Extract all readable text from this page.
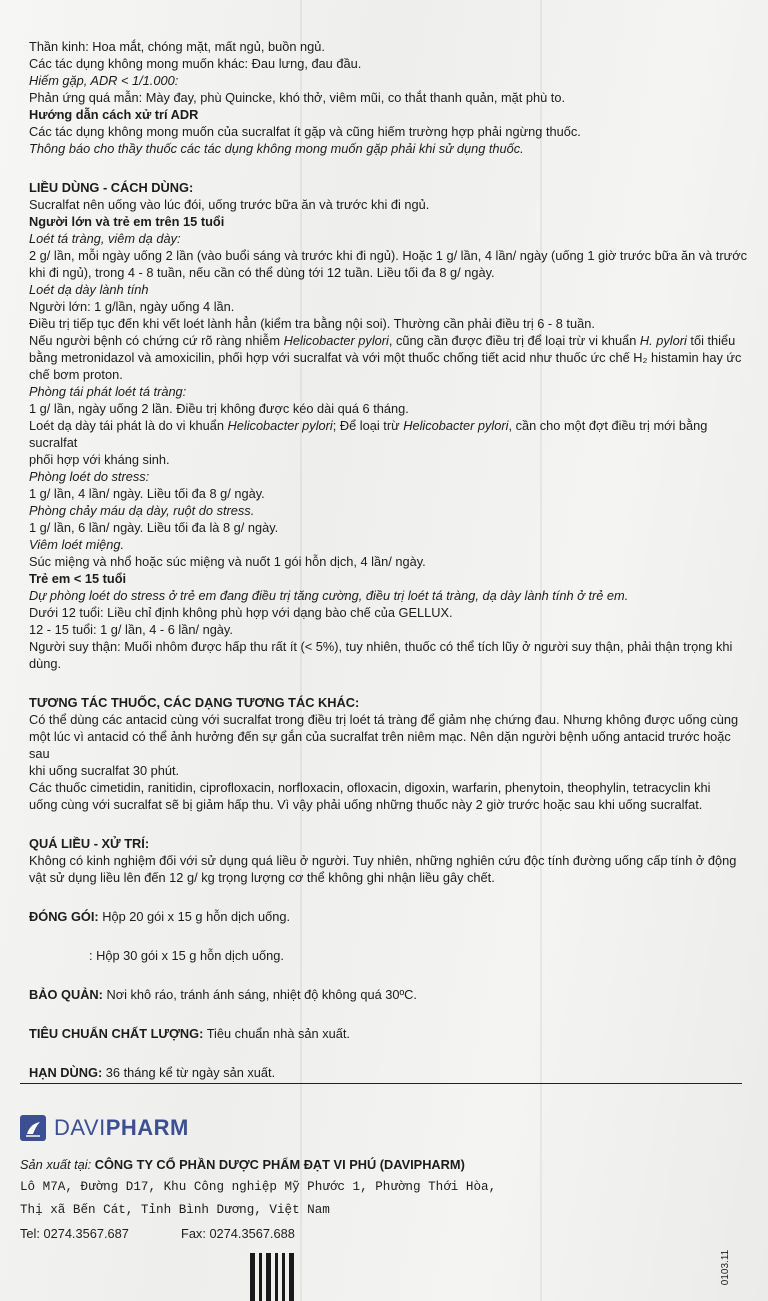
Thần kinh: Hoa mắt, chóng mặt, mất ngủ, buồn ngủ.

Các tác dụng không mong muốn khác: Đau lưng, đau đầu.

Hiếm gặp, ADR < 1/1.000:

Phản ứng quá mẫn: Mày đay, phù Quincke, khó thở, viêm mũi, co thắt thanh quản, mặt phù to.

Hướng dẫn cách xử trí ADR

Các tác dụng không mong muốn của sucralfat ít gặp và cũng hiếm trường hợp phải ngừng thuốc.

Thông báo cho thầy thuốc các tác dụng không mong muốn gặp phải khi sử dụng thuốc.

LIỀU DÙNG - CÁCH DÙNG:

Sucralfat nên uống vào lúc đói, uống trước bữa ăn và trước khi đi ngủ.

Người lớn và trẻ em trên 15 tuổi

Loét tá tràng, viêm dạ dày:

2 g/ lần, mỗi ngày uống 2 lần (vào buổi sáng và trước khi đi ngủ). Hoặc 1 g/ lần, 4 lần/ ngày (uống 1 giờ trước bữa ăn và trước

khi đi ngủ), trong 4 - 8 tuần, nếu cần có thể dùng tới 12 tuần. Liều tối đa 8 g/ ngày.

Loét dạ dày lành tính

Người lớn: 1 g/lần, ngày uống 4 lần.

Điều trị tiếp tục đến khi vết loét lành hẳn (kiểm tra bằng nội soi). Thường cần phải điều trị 6 - 8 tuần.

Nếu người bệnh có chứng cứ rõ ràng nhiễm Helicobacter pylori, cũng cần được điều trị để loại trừ vi khuẩn H. pylori tối thiểu

bằng metronidazol và amoxicilin, phối hợp với sucralfat và với một thuốc chống tiết acid như thuốc ức chế H₂ histamin hay ức

chế bơm proton.

Phòng tái phát loét tá tràng:

1 g/ lần, ngày uống 2 lần. Điều trị không được kéo dài quá 6 tháng.

Loét dạ dày tái phát là do vi khuẩn Helicobacter pylori; Để loại trừ Helicobacter pylori, cần cho một đợt điều trị mới bằng sucralfat

phối hợp với kháng sinh.

Phòng loét do stress:

1 g/ lần, 4 lần/ ngày. Liều tối đa 8 g/ ngày.

Phòng chảy máu dạ dày, ruột do stress.

1 g/ lần, 6 lần/ ngày. Liều tối đa là 8 g/ ngày.

Viêm loét miệng.

Súc miệng và nhổ hoặc súc miệng và nuốt 1 gói hỗn dịch, 4 lần/ ngày.

Trẻ em < 15 tuổi

Dự phòng loét do stress ở trẻ em đang điều trị tăng cường, điều trị loét tá tràng, dạ dày lành tính ở trẻ em.

Dưới 12 tuổi: Liều chỉ định không phù hợp với dạng bào chế của GELLUX.

12 - 15 tuổi: 1 g/ lần, 4 - 6 lần/ ngày.

Người suy thận: Muối nhôm được hấp thu rất ít (< 5%), tuy nhiên, thuốc có thể tích lũy ở người suy thận, phải thận trọng khi

dùng.

TƯƠNG TÁC THUỐC, CÁC DẠNG TƯƠNG TÁC KHÁC:

Có thể dùng các antacid cùng với sucralfat trong điều trị loét tá tràng để giảm nhẹ chứng đau. Nhưng không được uống cùng

một lúc vì antacid có thể ảnh hưởng đến sự gắn của sucralfat trên niêm mạc. Nên dặn người bệnh uống antacid trước hoặc sau

khi uống sucralfat 30 phút.

Các thuốc cimetidin, ranitidin, ciprofloxacin, norfloxacin, ofloxacin, digoxin, warfarin, phenytoin, theophylin, tetracyclin khi

uống cùng với sucralfat sẽ bị giảm hấp thu. Vì vậy phải uống những thuốc này 2 giờ trước hoặc sau khi uống sucralfat.

QUÁ LIỀU - XỬ TRÍ:

Không có kinh nghiệm đối với sử dụng quá liều ở người. Tuy nhiên, những nghiên cứu độc tính đường uống cấp tính ở động

vật sử dụng liều lên đến 12 g/ kg trọng lượng cơ thể không ghi nhận liều gây chết.

ĐÓNG GÓI: Hộp 20 gói x 15 g hỗn dịch uống.

: Hộp 30 gói x 15 g hỗn dịch uống.

BẢO QUẢN: Nơi khô ráo, tránh ánh sáng, nhiệt độ không quá 30ºC.

TIÊU CHUẨN CHẤT LƯỢNG: Tiêu chuẩn nhà sản xuất.

HẠN DÙNG: 36 tháng kể từ ngày sản xuất.

DAVIPHARM

Sản xuất tại: CÔNG TY CỔ PHẦN DƯỢC PHẨM ĐẠT VI PHÚ (DAVIPHARM)

Lô M7A, Đường D17, Khu Công nghiệp Mỹ Phước 1, Phường Thới Hòa,

Thị xã Bến Cát, Tỉnh Bình Dương, Việt Nam

Tel: 0274.3567.687	Fax: 0274.3567.688

0103.11
